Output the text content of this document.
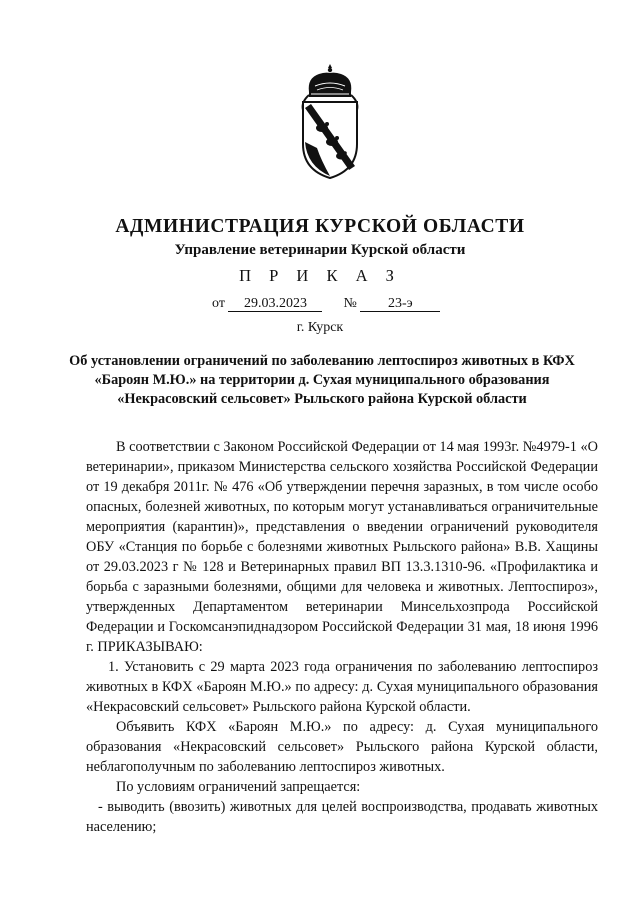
АДМИНИСТРАЦИЯ КУРСКОЙ ОБЛАСТИ
Управление ветеринарии Курской области
П Р И К А З
от 29.03.2023	№ 23-э
г. Курск
Об установлении ограничений по заболеванию лептоспироз животных в КФХ «Бароян М.Ю.» на территории д. Сухая муниципального образования «Некрасовский сельсовет» Рыльского района Курской области

В соответствии с Законом Российской Федерации от 14 мая 1993г. №4979-1 «О ветеринарии», приказом Министерства сельского хозяйства Российской Федерации от 19 декабря 2011г. № 476 «Об утверждении перечня заразных, в том числе особо опасных, болезней животных, по которым могут устанавливаться ограничительные мероприятия (карантин)», представления о введении ограничений руководителя ОБУ «Станция по борьбе с болезнями животных Рыльского района» В.В. Хащины от 29.03.2023 г № 128 и Ветеринарных правил ВП 13.3.1310-96. «Профилактика и борьба с заразными болезнями, общими для человека и животных. Лептоспироз», утвержденных Департаментом ветеринарии Минсельхозпрода Российской Федерации и Госкомсанэпиднадзором Российской Федерации 31 мая, 18 июня 1996 г. ПРИКАЗЫВАЮ:

1. Установить с 29 марта 2023 года ограничения по заболеванию лептоспироз животных в КФХ «Бароян М.Ю.» по адресу: д. Сухая муниципального образования «Некрасовский сельсовет» Рыльского района Курской области.

Объявить КФХ «Бароян М.Ю.» по адресу: д. Сухая муниципального образования «Некрасовский сельсовет» Рыльского района Курской области, неблагополучным по заболеванию лептоспироз животных.

По условиям ограничений запрещается:

- выводить (ввозить) животных для целей воспроизводства, продавать животных населению;
